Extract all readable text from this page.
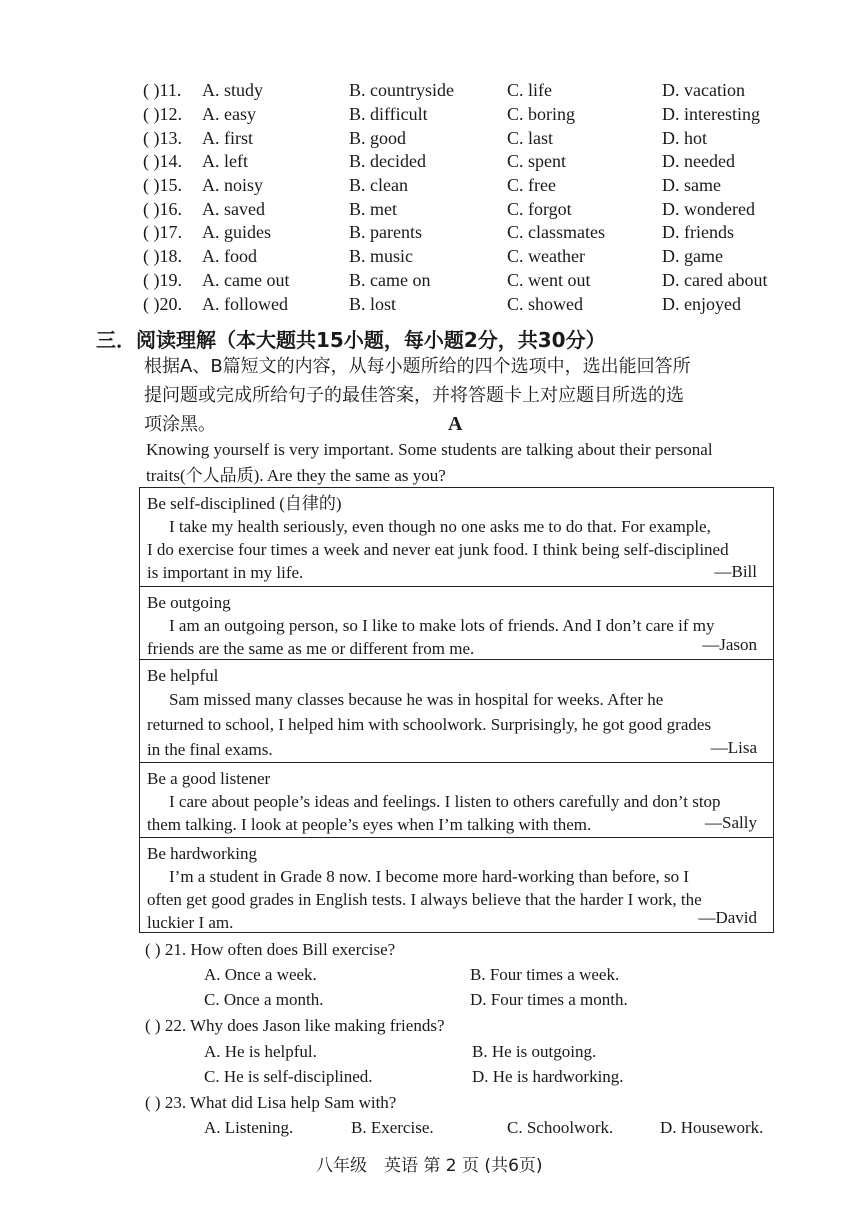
( )11. A. study	B. countryside	C. life	D. vacation
( )12. A. easy	B. difficult	C. boring	D. interesting
( )13. A. first	B. good	C. last	D. hot
( )14. A. left	B. decided	C. spent	D. needed
( )15. A. noisy	B. clean	C. free	D. same
( )16. A. saved	B. met	C. forgot	D. wondered
( )17. A. guides	B. parents	C. classmates	D. friends
( )18. A. food	B. music	C. weather	D. game
( )19. A. came out	B. came on	C. went out	D. cared about
( )20. A. followed	B. lost	C. showed	D. enjoyed
三．阅读理解（本大题共15小题，每小题2分，共30分）
根据A、B篇短文的内容，从每小题所给的四个选项中，选出能回答所
提问题或完成所给句子的最佳答案，并将答题卡上对应题目所选的选
项涂黑。	A
Knowing yourself is very important. Some students are talking about their personal
traits(个人品质). Are they the same as you?
Be self-disciplined (自律的)
I take my health seriously, even though no one asks me to do that. For example,
I do exercise four times a week and never eat junk food. I think being self-disciplined
is important in my life.	—Bill
Be outgoing
I am an outgoing person, so I like to make lots of friends. And I don’t care if my
friends are the same as me or different from me.	—Jason
Be helpful
Sam missed many classes because he was in hospital for weeks. After he
returned to school, I helped him with schoolwork. Surprisingly, he got good grades
in the final exams.	—Lisa
Be a good listener
I care about people’s ideas and feelings. I listen to others carefully and don’t stop
them talking. I look at people’s eyes when I’m talking with them.	—Sally
Be hardworking
I’m a student in Grade 8 now. I become more hard-working than before, so I
often get good grades in English tests. I always believe that the harder I work, the
luckier I am.	—David
( ) 21. How often does Bill exercise?
A. Once a week.	B. Four times a week.
C. Once a month.	D. Four times a month.
( ) 22. Why does Jason like making friends?
A. He is helpful.	B. He is outgoing.
C. He is self-disciplined.	D. He is hardworking.
( ) 23. What did Lisa help Sam with?
A. Listening.	B. Exercise.	C. Schoolwork.	D. Housework.
八年级　英语 第 2 页 (共6页)
